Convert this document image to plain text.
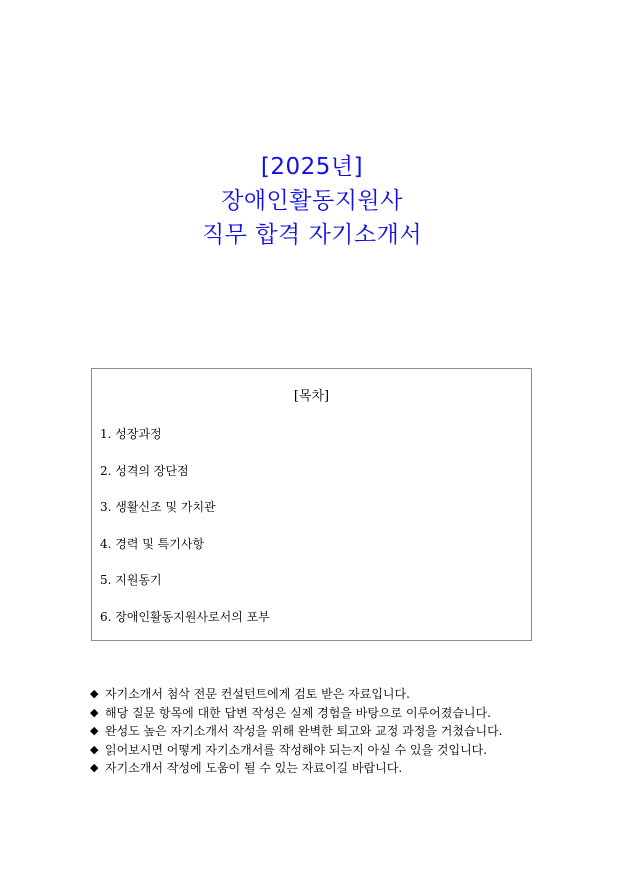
[2025년]
장애인활동지원사
직무 합격 자기소개서
[목차]
1. 성장과정
2. 성격의 장단점
3. 생활신조 및 가치관
4. 경력 및 특기사항
5. 지원동기
6. 장애인활동지원사로서의 포부
◆ 자기소개서 첨삭 전문 컨설턴트에게 검토 받은 자료입니다.
◆ 해당 질문 항목에 대한 답변 작성은 실제 경험을 바탕으로 이루어졌습니다.
◆ 완성도 높은 자기소개서 작성을 위해 완벽한 퇴고와 교정 과정을 거쳤습니다.
◆ 읽어보시면 어떻게 자기소개서를 작성해야 되는지 아실 수 있을 것입니다.
◆ 자기소개서 작성에 도움이 될 수 있는 자료이길 바랍니다.
